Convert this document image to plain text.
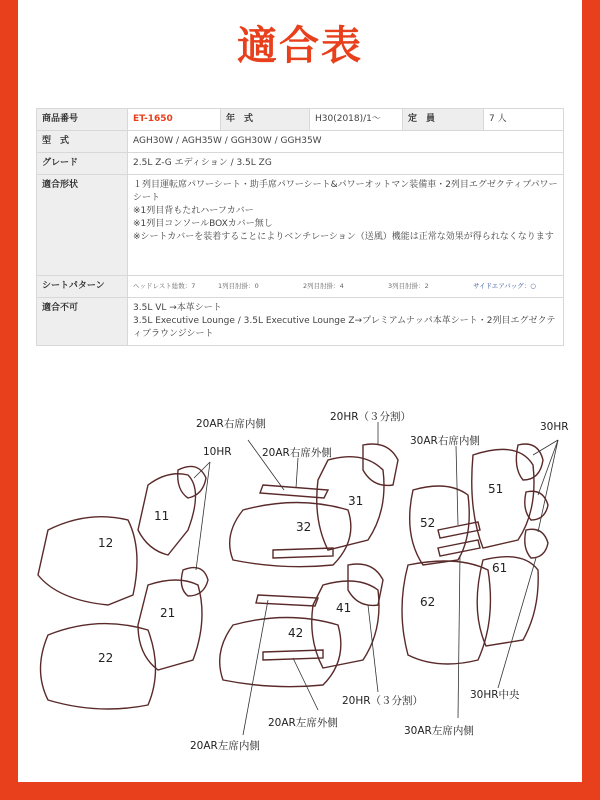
適合表
商品番号	ET-1650	年　式	H30(2018)/1～	定　員	7 人
型　式	AGH30W / AGH35W / GGH30W / GGH35W				
グレード	2.5L Z-G エディション / 3.5L ZG				
適合形状	１列目運転席パワーシート・助手席パワーシート&パワーオットマン装備車・2列目エグゼクティブパワーシート
※1列目背もたれハーフカバー
※1列目コンソールBOXカバー無し
※シートカバーを装着することによりベンチレーション（送風）機能は正常な効果が得られなくなります				

シートパターン	ヘッドレスト総数：7 1列目肘掛：0 2列目肘掛：4 3列目肘掛：2 サイドエアバッグ：○				

適合不可	3.5L VL →本革シート
3.5L Executive Lounge / 3.5L Executive Lounge Z→プレミアムナッパ本革シート・2列目エグゼクティブラウンジシート				
11
12
21
22
31
32
41
42
51
52
61
62
10HR
20AR右席内側
20AR右席外側
20HR（３分割）
30AR右席内側
30HR
20HR（３分割）
20AR左席外側
20AR左席内側
30AR左席内側
30HR中央
